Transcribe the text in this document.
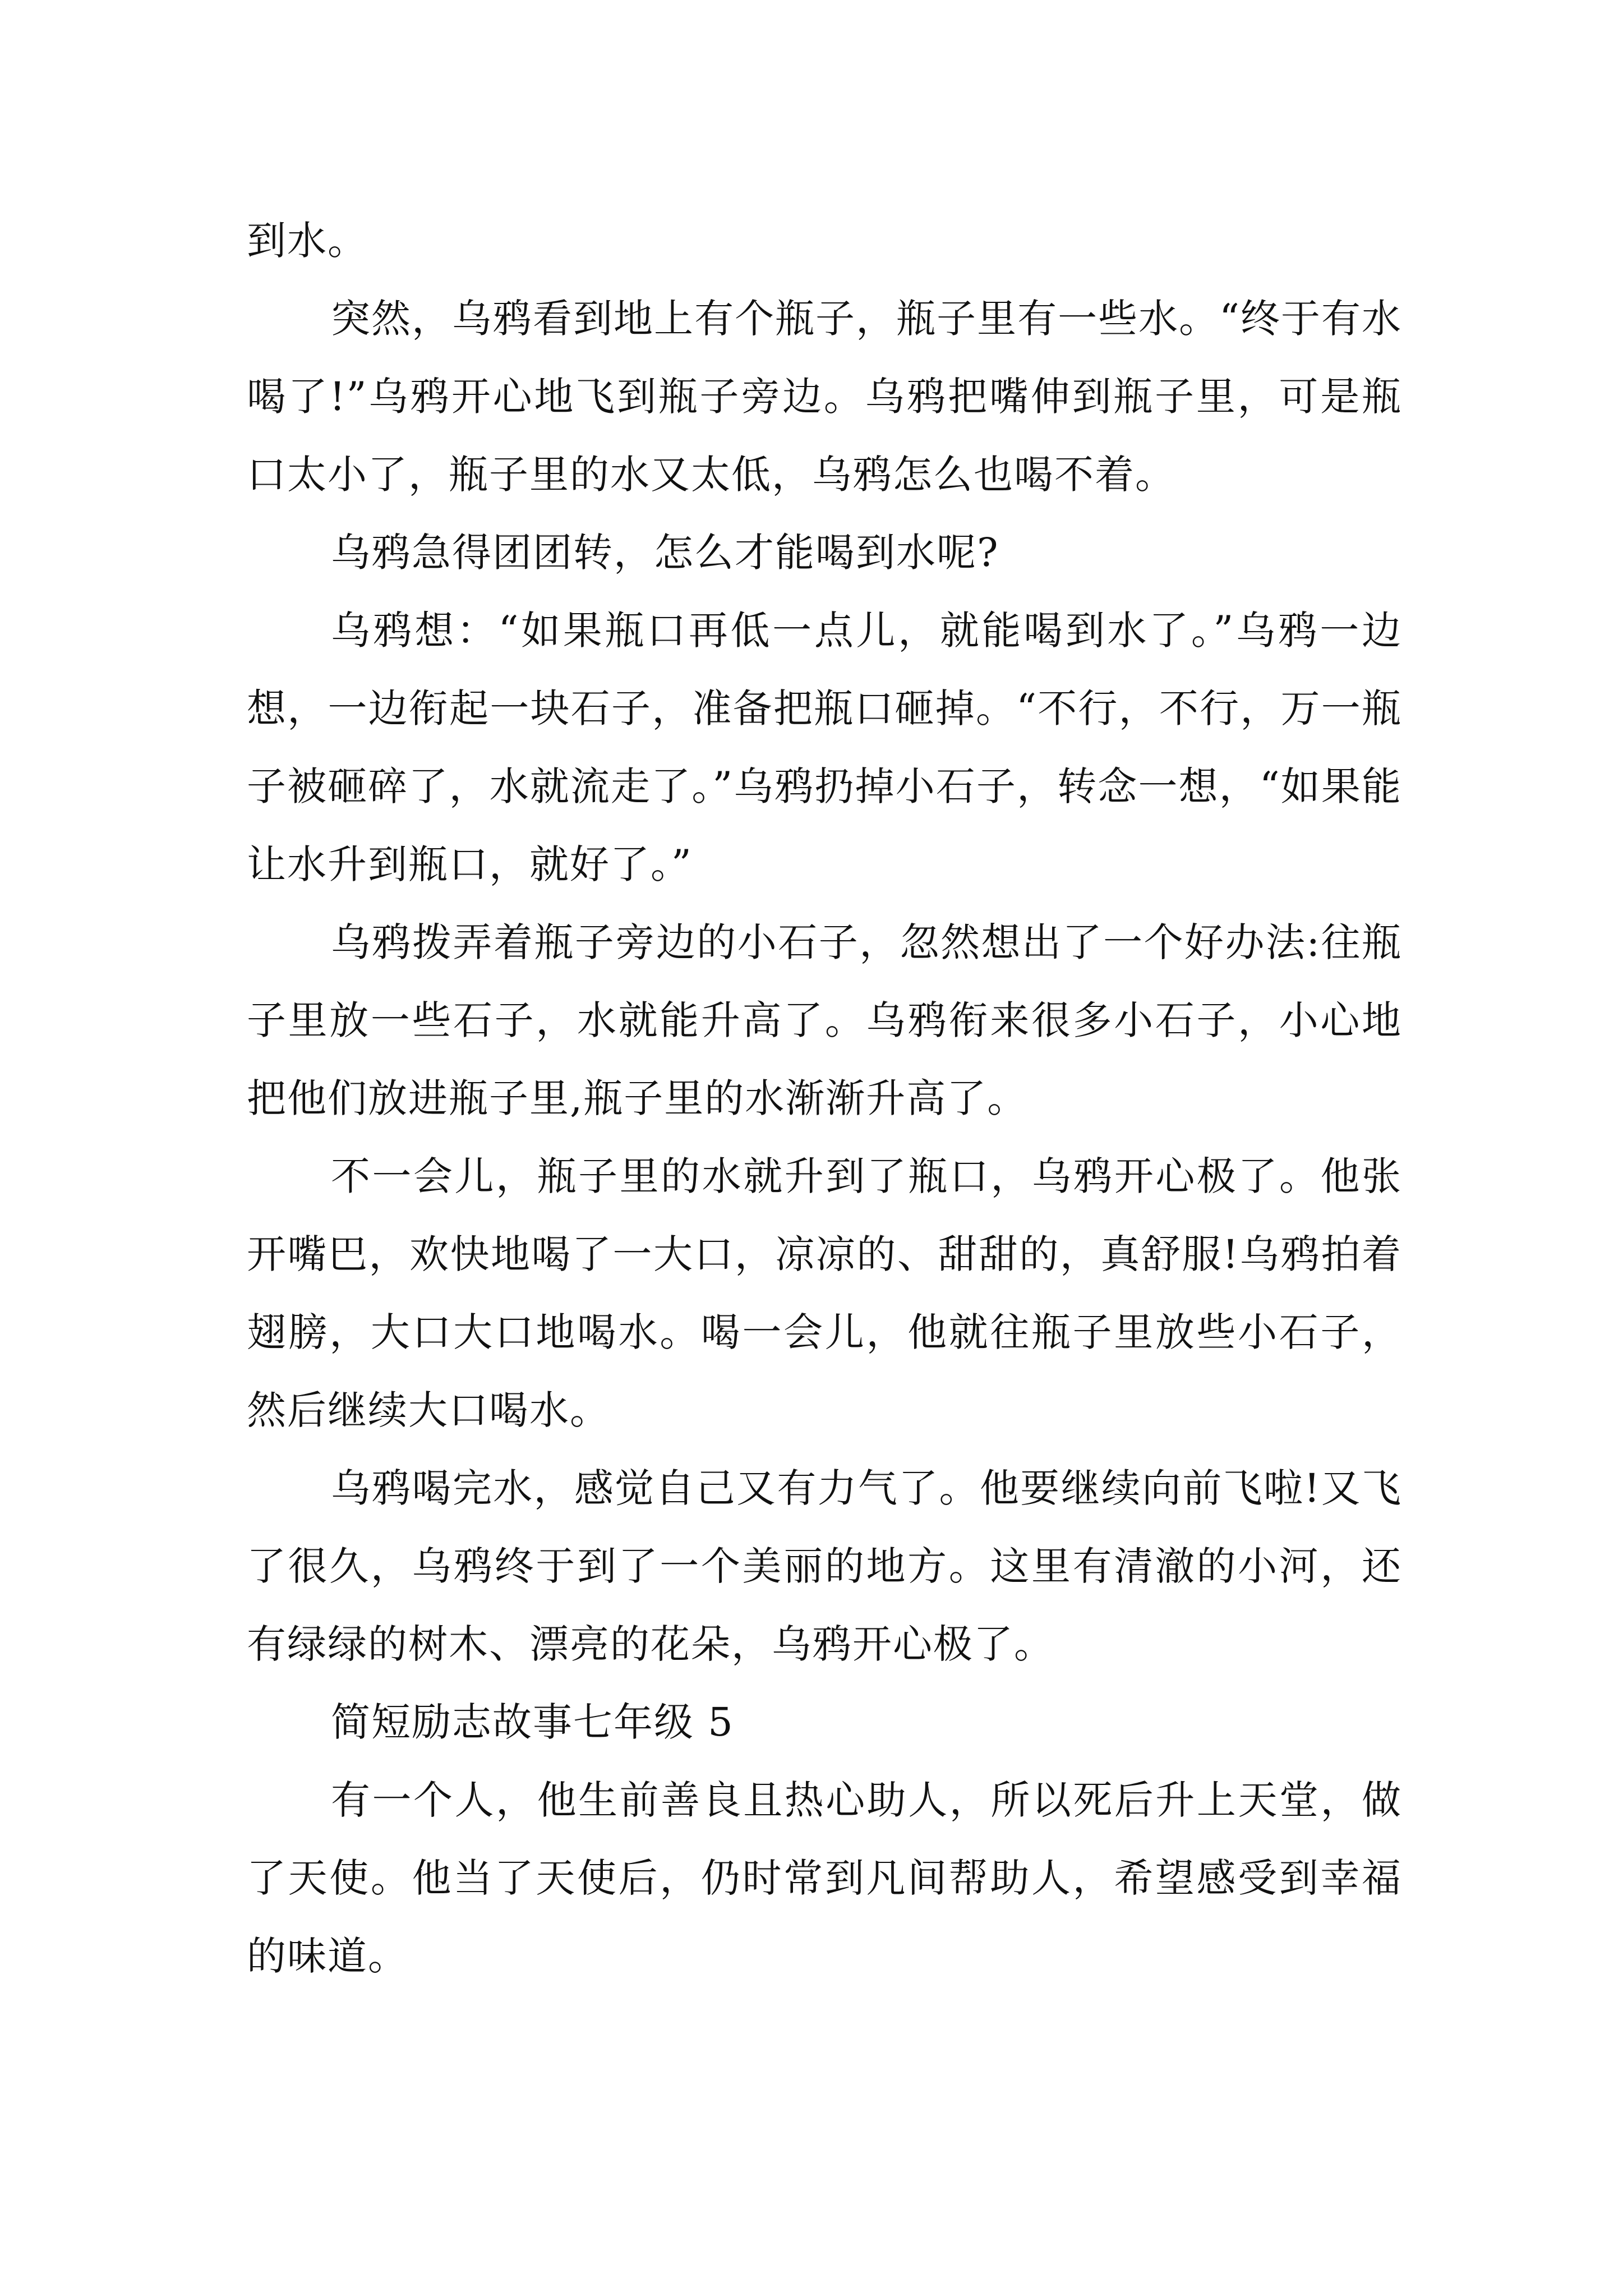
到水。

突然，乌鸦看到地上有个瓶子，瓶子里有一些水。“终于有水喝了!”乌鸦开心地飞到瓶子旁边。乌鸦把嘴伸到瓶子里，可是瓶口太小了，瓶子里的水又太低，乌鸦怎么也喝不着。

乌鸦急得团团转，怎么才能喝到水呢?

乌鸦想：“如果瓶口再低一点儿，就能喝到水了。”乌鸦一边想，一边衔起一块石子，准备把瓶口砸掉。“不行，不行，万一瓶子被砸碎了，水就流走了。”乌鸦扔掉小石子，转念一想，“如果能让水升到瓶口，就好了。”

乌鸦拨弄着瓶子旁边的小石子，忽然想出了一个好办法:往瓶子里放一些石子，水就能升高了。乌鸦衔来很多小石子，小心地把他们放进瓶子里,瓶子里的水渐渐升高了。

不一会儿，瓶子里的水就升到了瓶口，乌鸦开心极了。他张开嘴巴，欢快地喝了一大口，凉凉的、甜甜的，真舒服!乌鸦拍着翅膀，大口大口地喝水。喝一会儿，他就往瓶子里放些小石子，然后继续大口喝水。

乌鸦喝完水，感觉自己又有力气了。他要继续向前飞啦!又飞了很久，乌鸦终于到了一个美丽的地方。这里有清澈的小河，还有绿绿的树木、漂亮的花朵，乌鸦开心极了。

简短励志故事七年级 5

有一个人，他生前善良且热心助人，所以死后升上天堂，做了天使。他当了天使后，仍时常到凡间帮助人，希望感受到幸福的味道。
